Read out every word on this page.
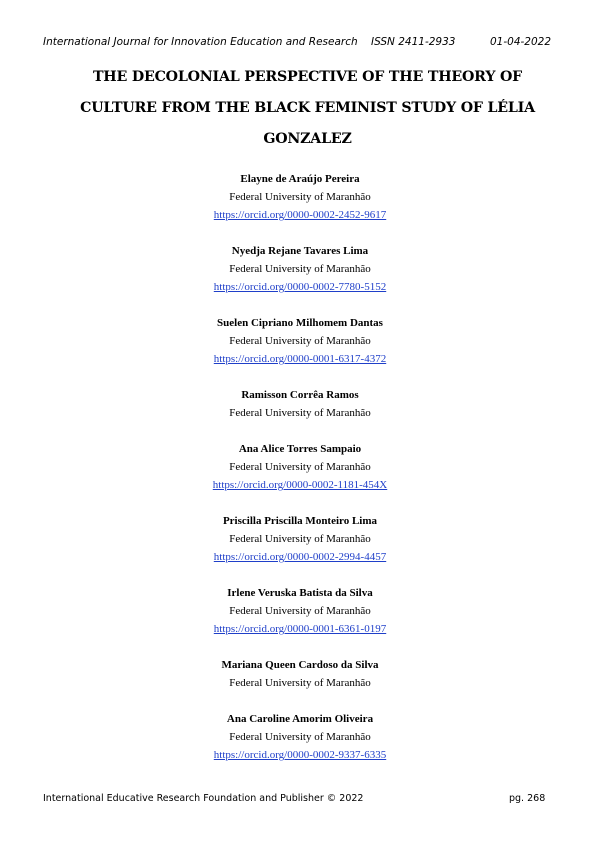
International Journal for Innovation Education and Research ISSN 2411-2933	01-04-2022
THE DECOLONIAL PERSPECTIVE OF THE THEORY OF
CULTURE FROM THE BLACK FEMINIST STUDY OF LÉLIA
GONZALEZ
Elayne de Araújo Pereira
Federal University of Maranhão
https://orcid.org/0000-0002-2452-9617
Nyedja Rejane Tavares Lima
Federal University of Maranhão
https://orcid.org/0000-0002-7780-5152
Suelen Cipriano Milhomem Dantas
Federal University of Maranhão
https://orcid.org/0000-0001-6317-4372
Ramisson Corrêa Ramos
Federal University of Maranhão
Ana Alice Torres Sampaio
Federal University of Maranhão
https://orcid.org/0000-0002-1181-454X
Priscilla Priscilla Monteiro Lima
Federal University of Maranhão
https://orcid.org/0000-0002-2994-4457
Irlene Veruska Batista da Silva
Federal University of Maranhão
https://orcid.org/0000-0001-6361-0197
Mariana Queen Cardoso da Silva
Federal University of Maranhão
Ana Caroline Amorim Oliveira
Federal University of Maranhão
https://orcid.org/0000-0002-9337-6335
International Educative Research Foundation and Publisher © 2022	pg. 268
